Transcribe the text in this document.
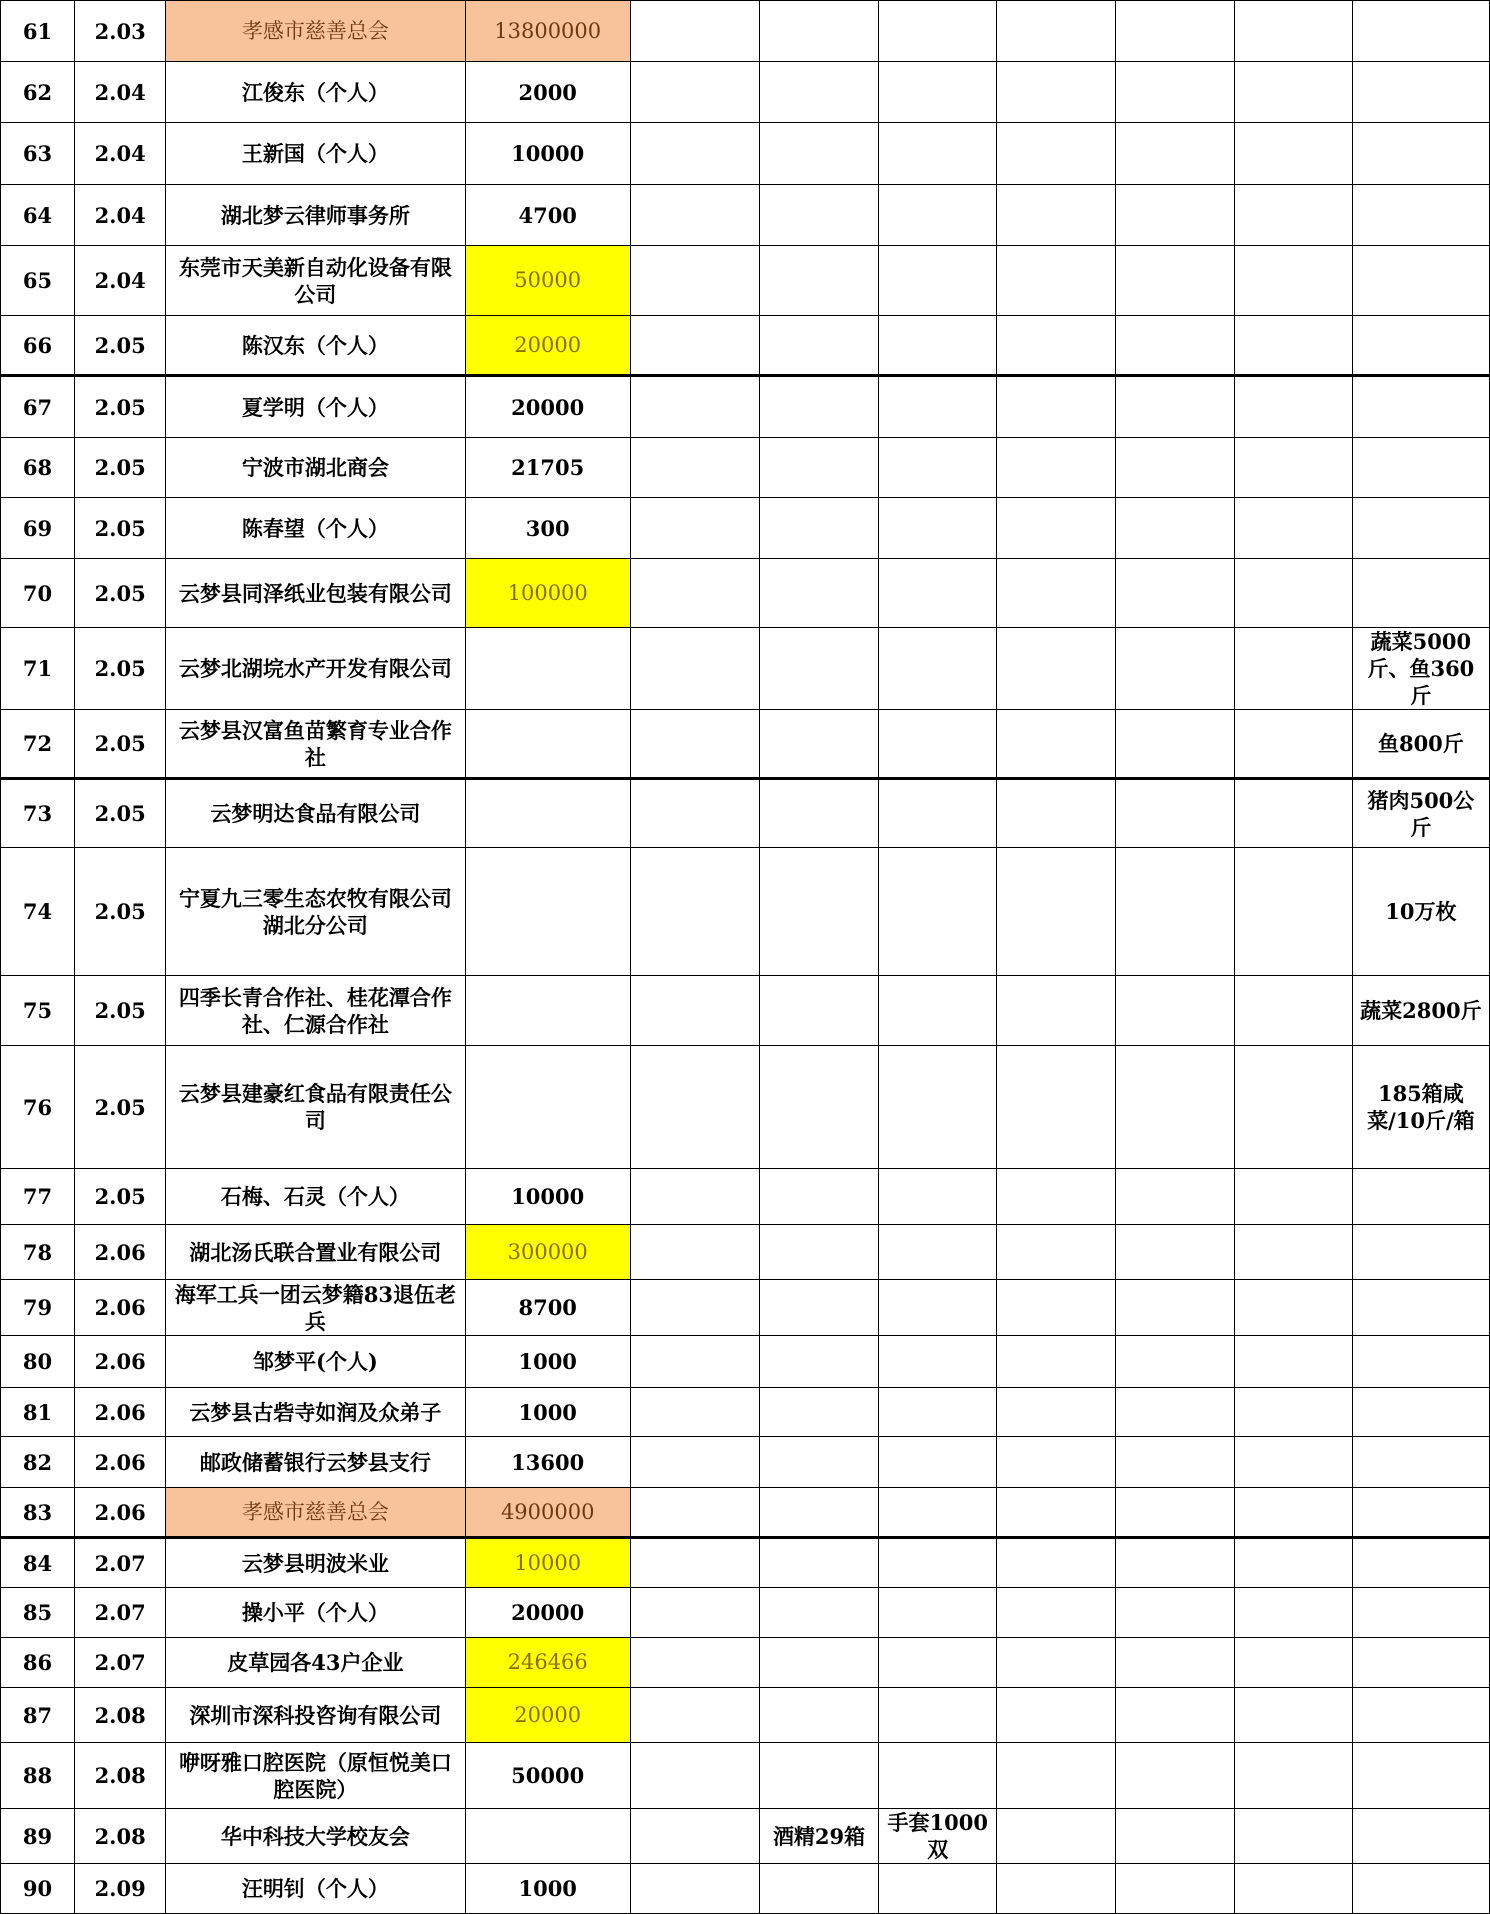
61	2.03	孝感市慈善总会	13800000							
62	2.04	江俊东（个人）	2000							
63	2.04	王新国（个人）	10000							
64	2.04	湖北梦云律师事务所	4700							
65	2.04	东莞市天美新自动化设备有限公司	50000							
66	2.05	陈汉东（个人）	20000							
67	2.05	夏学明（个人）	20000							
68	2.05	宁波市湖北商会	21705							
69	2.05	陈春望（个人）	300							
70	2.05	云梦县同泽纸业包装有限公司	100000							
71	2.05	云梦北湖垸水产开发有限公司								蔬菜5000斤、鱼360斤
72	2.05	云梦县汉富鱼苗繁育专业合作社								鱼800斤
73	2.05	云梦明达食品有限公司								猪肉500公斤
74	2.05	宁夏九三零生态农牧有限公司湖北分公司								10万枚
75	2.05	四季长青合作社、桂花潭合作社、仁源合作社								蔬菜2800斤
76	2.05	云梦县建豪红食品有限责任公司								185箱咸菜/10斤/箱
77	2.05	石梅、石灵（个人）	10000							
78	2.06	湖北汤氏联合置业有限公司	300000							
79	2.06	海军工兵一团云梦籍83退伍老兵	8700							
80	2.06	邹梦平(个人)	1000							
81	2.06	云梦县古砦寺如润及众弟子	1000							
82	2.06	邮政储蓄银行云梦县支行	13600							
83	2.06	孝感市慈善总会	4900000							
84	2.07	云梦县明波米业	10000							
85	2.07	操小平（个人）	20000							
86	2.07	皮草园各43户企业	246466							
87	2.08	深圳市深科投咨询有限公司	20000							
88	2.08	咿呀雅口腔医院（原恒悦美口腔医院）	50000							
89	2.08	华中科技大学校友会			酒精29箱	手套1000双				
90	2.09	汪明钊（个人）	1000							
